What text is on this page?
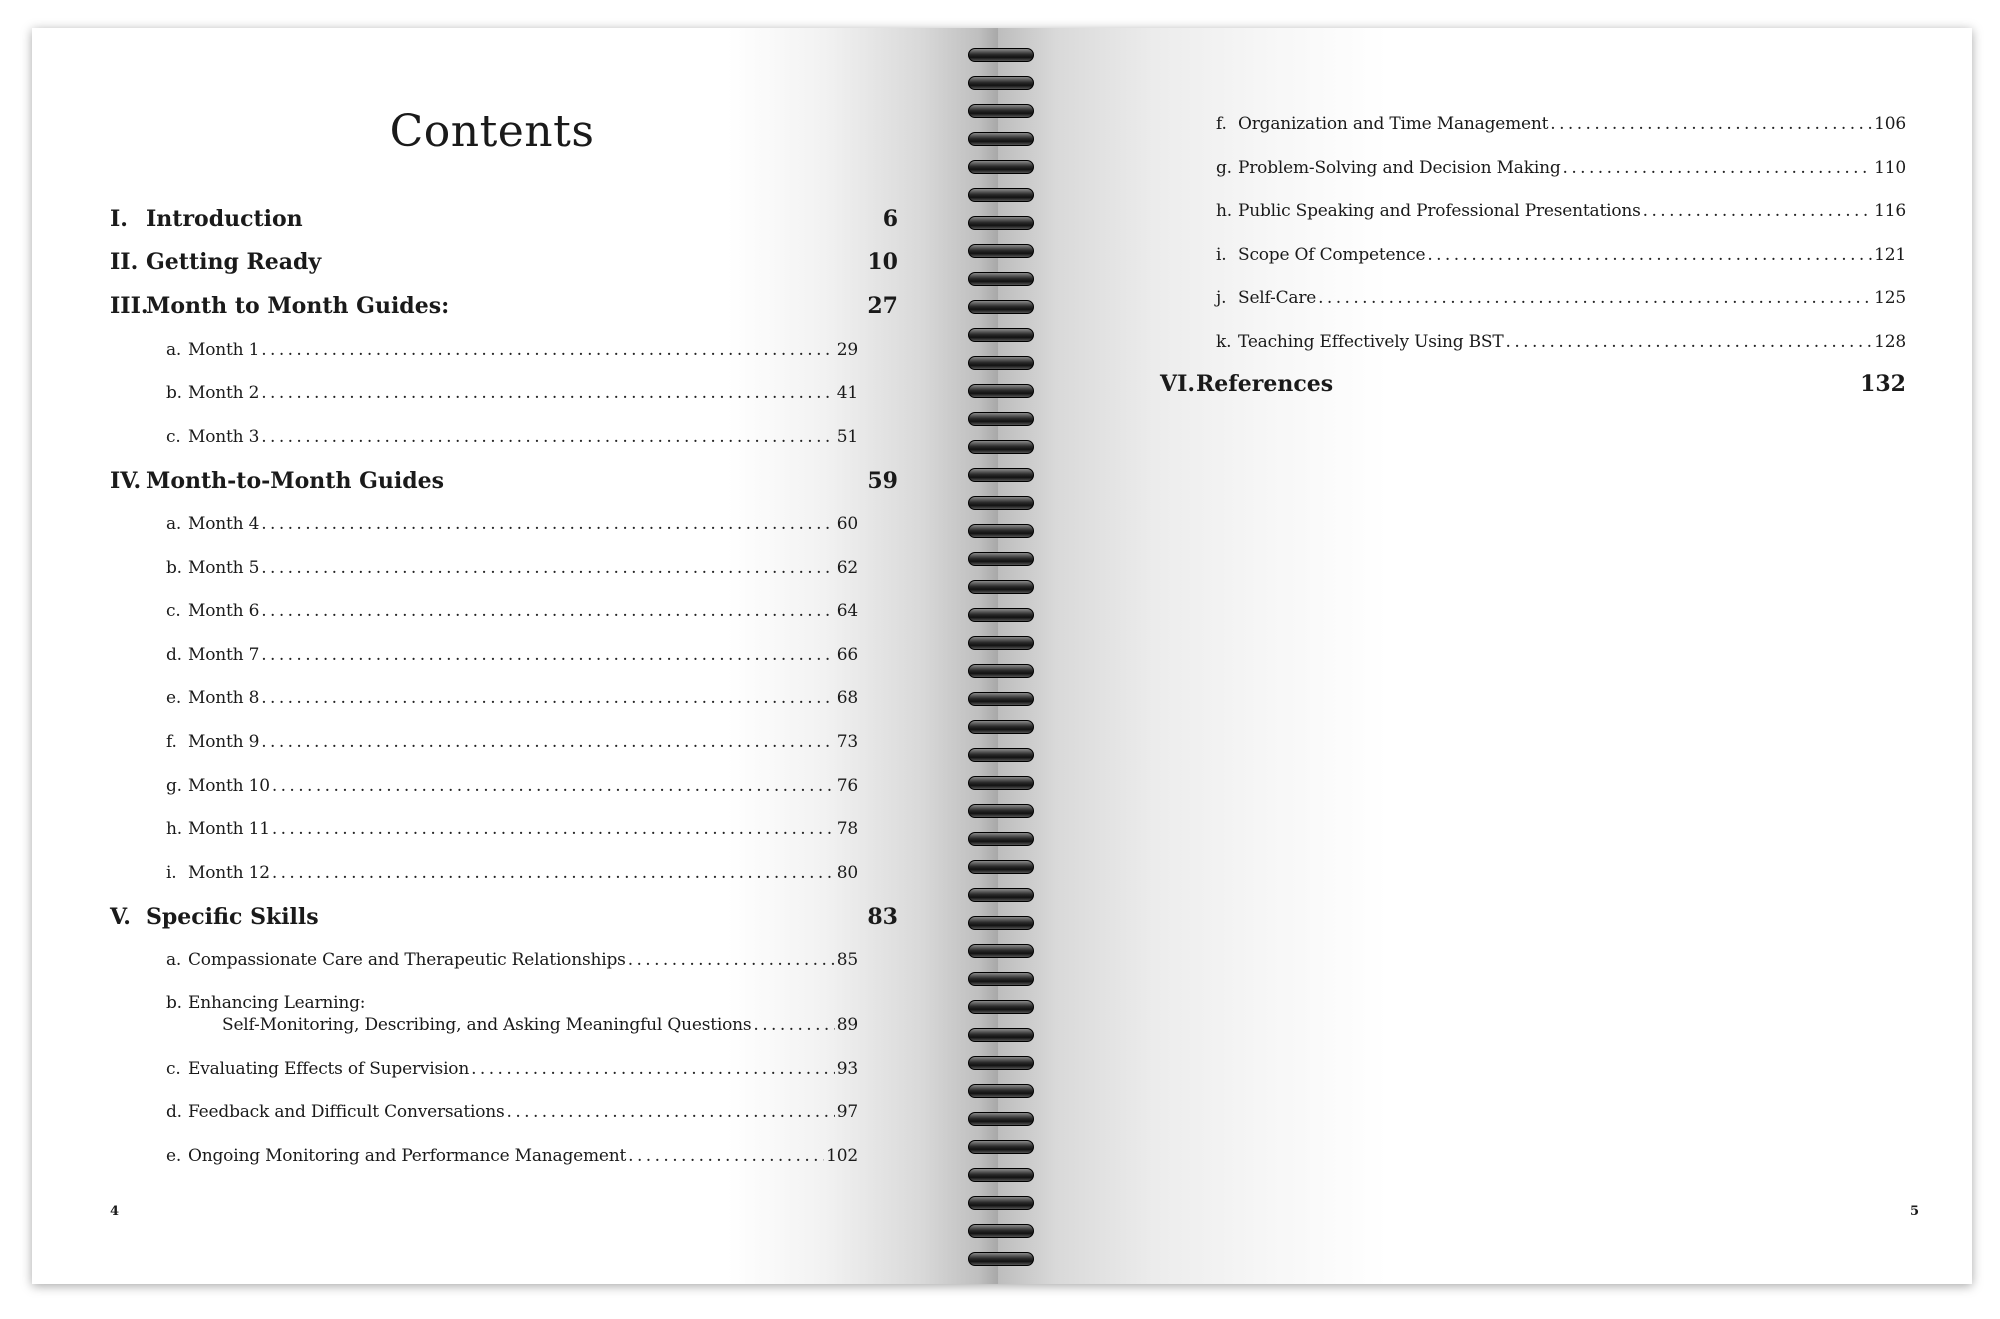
Contents
I. Introduction	6
II. Getting Ready	10
III.
Month to Month Guides:	27
a. Month 1 . . .	29
b. Month 2 . . .	41
c. Month 3 . . .	51
IV. Month-to-Month Guides	59
a. Month 4 . . .	60
b. Month 5 . . .	62
c. Month 6 . . .	64
d. Month 7 . . .	66
e. Month 8 . . .	68
f. Month 9 . . .	73
g. Month 10 . . .	76
h. Month 11 . . .	78
i. Month 12 . . .	80
V. Specific Skills	83
a. Compassionate Care and Therapeutic Relationships . . .	85
b. Enhancing Learning:
Self-Monitoring, Describing, and Asking Meaningful Questions . . .	89
c. Evaluating Effects of Supervision . . .	93
d. Feedback and Difficult Conversations . . .	97
e. Ongoing Monitoring and Performance Management . . .	102
4
f. Organization and Time Management . . .	106
g. Problem-Solving and Decision Making . . .	110
h. Public Speaking and Professional Presentations . . .	116
i. Scope Of Competence . . .	121
j. Self-Care . . .	125
k. Teaching Effectively Using BST . . .	128
VI. References	132
5
